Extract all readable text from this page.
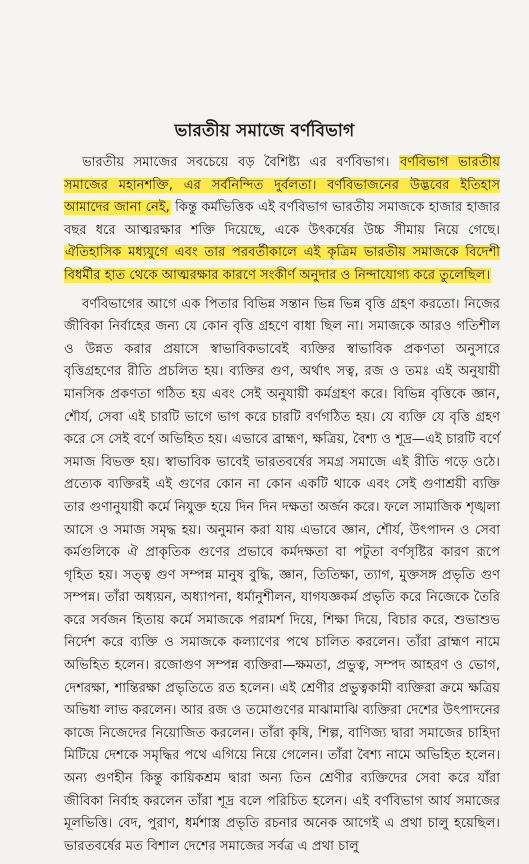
ভারতীয় সমাজে বর্ণবিভাগ

ভারতীয় সমাজের সবচেয়ে বড় বৈশিষ্ট্য এর বর্ণবিভাগ। বর্ণবিভাগ ভারতীয় সমাজের মহানশক্তি, এর সর্বনিন্দিত দুর্বলতা। বর্ণবিভাজনের উদ্ভবের ইতিহাস আমাদের জানা নেই, কিন্তু কর্মভিত্তিক এই বর্ণবিভাগ ভারতীয় সমাজকে হাজার হাজার বছর ধরে আত্মরক্ষার শক্তি দিয়েছে, একে উৎকর্ষের উচ্চ সীমায় নিয়ে গেছে। ঐতিহাসিক মধ্যযুগে এবং তার পরবর্তীকালে এই কৃত্রিম ভারতীয় সমাজকে বিদেশী বিধর্মীর হাত থেকে আত্মরক্ষার কারণে সংকীর্ণ অনুদার ও নিন্দাযোগ্য করে তুলেছিল।

বর্ণবিভাগের আগে এক পিতার বিভিন্ন সন্তান ভিন্ন ভিন্ন বৃত্তি গ্রহণ করতো। নিজের জীবিকা নির্বাহের জন্য যে কোন বৃত্তি গ্রহণে বাধা ছিল না। সমাজকে আরও গতিশীল ও উন্নত করার প্রয়াসে স্বাভাবিকভাবেই ব্যক্তির স্বাভাবিক প্রকণতা অনুসারে বৃত্তিগ্রহণের রীতি প্রচলিত হয়। ব্যক্তির গুণ, অর্থাৎ সত্ব, রজ ও তমঃ এই অনুযায়ী মানসিক প্রকণতা গঠিত হয় এবং সেই অনুযায়ী কর্মগ্রহণ করে। বিভিন্ন বৃত্তিকে জ্ঞান, শৌর্য, সেবা এই চারটি ভাগে ভাগ করে চারটি বর্ণগঠিত হয়। যে ব্যক্তি যে বৃত্তি গ্রহণ করে সে সেই বর্ণে অভিহিত হয়। এভাবে ব্রাহ্মণ, ক্ষত্রিয়, বৈশ্য ও শূদ্র—এই চারটি বর্ণে সমাজ বিভক্ত হয়। স্বাভাবিক ভাবেই ভারতবর্ষের সমগ্র সমাজে এই রীতি গড়ে ওঠে। প্রত্যেক ব্যক্তিরই এই গুণের কোন না কোন একটি থাকে এবং সেই গুণাশ্রয়ী ব্যক্তি তার গুণানুযায়ী কর্মে নিযুক্ত হয়ে দিন দিন দক্ষতা অর্জন করে। ফলে সামাজিক শৃঙ্খলা আসে ও সমাজ সমৃদ্ধ হয়। অনুমান করা যায় এভাবে জ্ঞান, শৌর্য, উৎপাদন ও সেবা কর্মগুলিকে ঐ প্রাকৃতিক গুণের প্রভাবে কর্মদক্ষতা বা পটুতা বর্ণসৃষ্টির কারণ রূপে গৃহিত হয়। সত্ত্ব গুণ সম্পন্ন মানুষ বুদ্ধি, জ্ঞান, তিতিক্ষা, ত্যাগ, মুক্তসঙ্গ প্রভৃতি গুণ সম্পন্ন। তাঁরা অধ্যয়ন, অধ্যাপনা, ধর্মানুশীলন, যাগযজ্ঞকর্ম প্রভৃতি করে নিজেকে তৈরি করে সর্বজন হিতায় কর্মে সমাজকে পরামর্শ দিয়ে, শিক্ষা দিয়ে, বিচার করে, শুভাশুভ নির্দেশ করে ব্যক্তি ও সমাজকে কল্যাণের পথে চালিত করলেন। তাঁরা ব্রাহ্মণ নামে অভিহিত হলেন। রজোগুণ সম্পন্ন ব্যক্তিরা—ক্ষমতা, প্রভুত্ব, সম্পদ আহরণ ও ভোগ, দেশরক্ষা, শান্তিরক্ষা প্রভৃতিতে রত হলেন। এই শ্রেণীর প্রভুত্বকামী ব্যক্তিরা ক্রমে ক্ষত্রিয় অভিধা লাভ করলেন। আর রজ ও তমোগুণের মাঝামাঝি ব্যক্তিরা দেশের উৎপাদনের কাজে নিজেদের নিয়োজিত করলেন। তাঁরা কৃষি, শিল্প, বাণিজ্য দ্বারা সমাজের চাহিদা মিটিয়ে দেশকে সমৃদ্ধির পথে এগিয়ে নিয়ে গেলেন। তাঁরা বৈশ্য নামে অভিহিত হলেন। অন্য গুণহীন কিন্তু কায়িকশ্রম দ্বারা অন্য তিন শ্রেণীর ব্যক্তিদের সেবা করে যাঁরা জীবিকা নির্বাহ করলেন তাঁরা শূদ্র বলে পরিচিত হলেন। এই বর্ণবিভাগ আর্য সমাজের মূলভিত্তি। বেদ, পুরাণ, ধর্মশাস্ত্র প্রভৃতি রচনার অনেক আগেই এ প্রথা চালু হয়েছিল। ভারতবর্ষের মত বিশাল দেশের সমাজের সর্বত্র এ প্রথা চালু
